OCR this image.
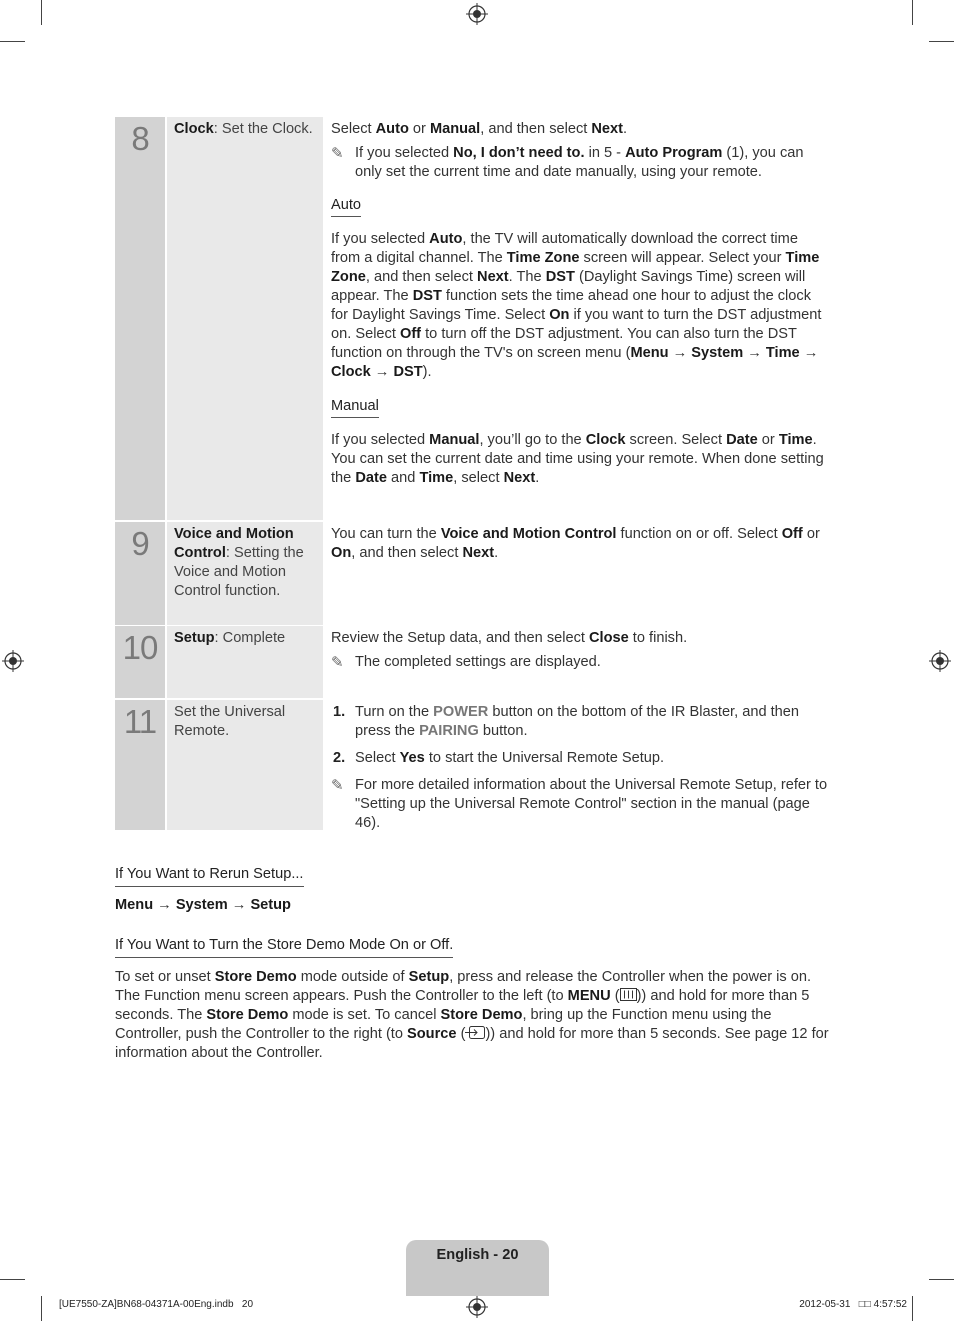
8	Clock: Set the Clock.	Select Auto or Manual, and then select Next.

✎ If you selected No, I don’t need to. in 5 - Auto Program (1), you can only set the current time and date manually, using your remote.

Auto

If you selected Auto, the TV will automatically download the correct time from a digital channel. The Time Zone screen will appear. Select your Time Zone, and then select Next. The DST (Daylight Savings Time) screen will appear. The DST function sets the time ahead one hour to adjust the clock for Daylight Savings Time. Select On if you want to turn the DST adjustment on. Select Off to turn off the DST adjustment. You can also turn the DST function on through the TV's on screen menu (Menu → System → Time → Clock → DST).

Manual

If you selected Manual, you’ll go to the Clock screen. Select Date or Time. You can set the current date and time using your remote. When done setting the Date and Time, select Next.

9	Voice and Motion Control: Setting the Voice and Motion Control function.

You can turn the Voice and Motion Control function on or off. Select Off or On, and then select Next.

10	Setup: Complete	Review the Setup data, and then select Close to finish.

✎ The completed settings are displayed.

11	Set the Universal Remote.

1. Turn on the POWER button on the bottom of the IR Blaster, and then press the PAIRING button.

2. Select Yes to start the Universal Remote Setup.

✎ For more detailed information about the Universal Remote Setup, refer to "Setting up the Universal Remote Control" section in the manual (page 46).

If You Want to Rerun Setup...
Menu → System → Setup
If You Want to Turn the Store Demo Mode On or Off.
To set or unset Store Demo mode outside of Setup, press and release the Controller when the power is on. The Function menu screen appears. Push the Controller to the left (to MENU ( )) and hold for more than 5 seconds. The Store Demo mode is set. To cancel Store Demo, bring up the Function menu using the Controller, push the Controller to the right (to Source ( )) and hold for more than 5 seconds. See page 12 for information about the Controller.
English - 20
[UE7550-ZA]BN68-04371A-00Eng.indb   20	2012-05-31   □□ 4:57:52
